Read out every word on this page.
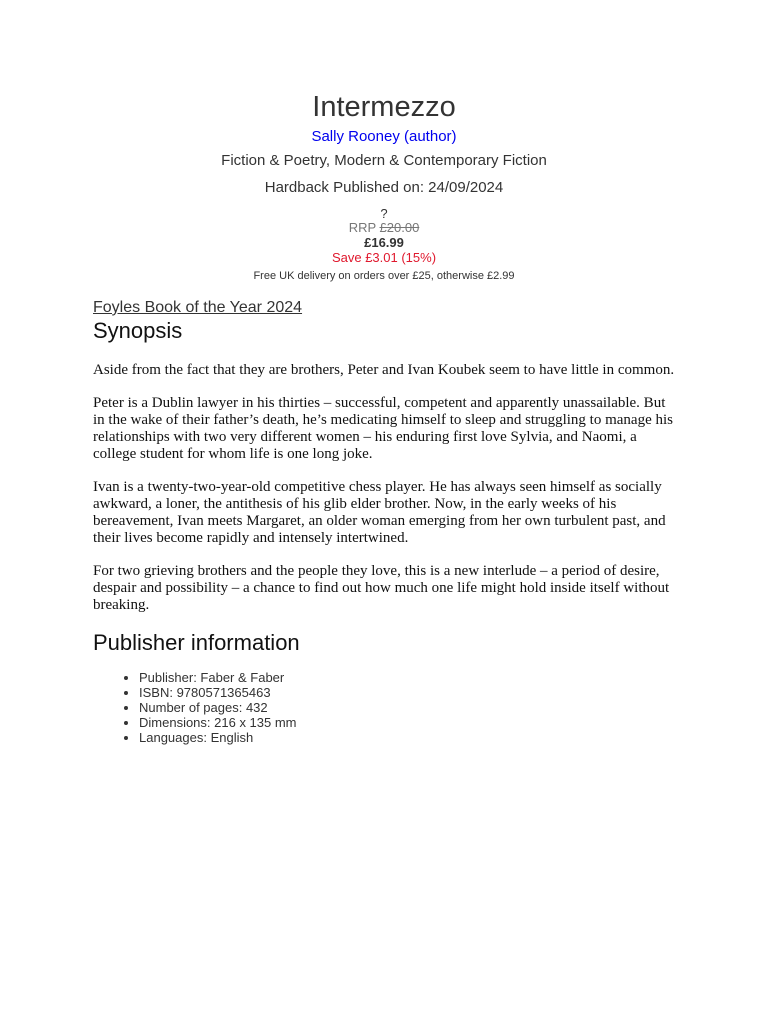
Intermezzo
Sally Rooney (author)
Fiction & Poetry, Modern & Contemporary Fiction
Hardback Published on: 24/09/2024
?
RRP £20.00
£16.99
Save £3.01 (15%)
Free UK delivery on orders over £25, otherwise £2.99
Foyles Book of the Year 2024
Synopsis

Aside from the fact that they are brothers, Peter and Ivan Koubek seem to have little in common.

Peter is a Dublin lawyer in his thirties – successful, competent and apparently unassailable. But in the wake of their father’s death, he’s medicating himself to sleep and struggling to manage his relationships with two very different women – his enduring first love Sylvia, and Naomi, a college student for whom life is one long joke.

Ivan is a twenty-two-year-old competitive chess player. He has always seen himself as socially awkward, a loner, the antithesis of his glib elder brother. Now, in the early weeks of his bereavement, Ivan meets Margaret, an older woman emerging from her own turbulent past, and their lives become rapidly and intensely intertwined.

For two grieving brothers and the people they love, this is a new interlude – a period of desire, despair and possibility – a chance to find out how much one life might hold inside itself without breaking.

Publisher information
• Publisher: Faber & Faber
• ISBN: 9780571365463
• Number of pages: 432
• Dimensions: 216 x 135 mm
• Languages: English
